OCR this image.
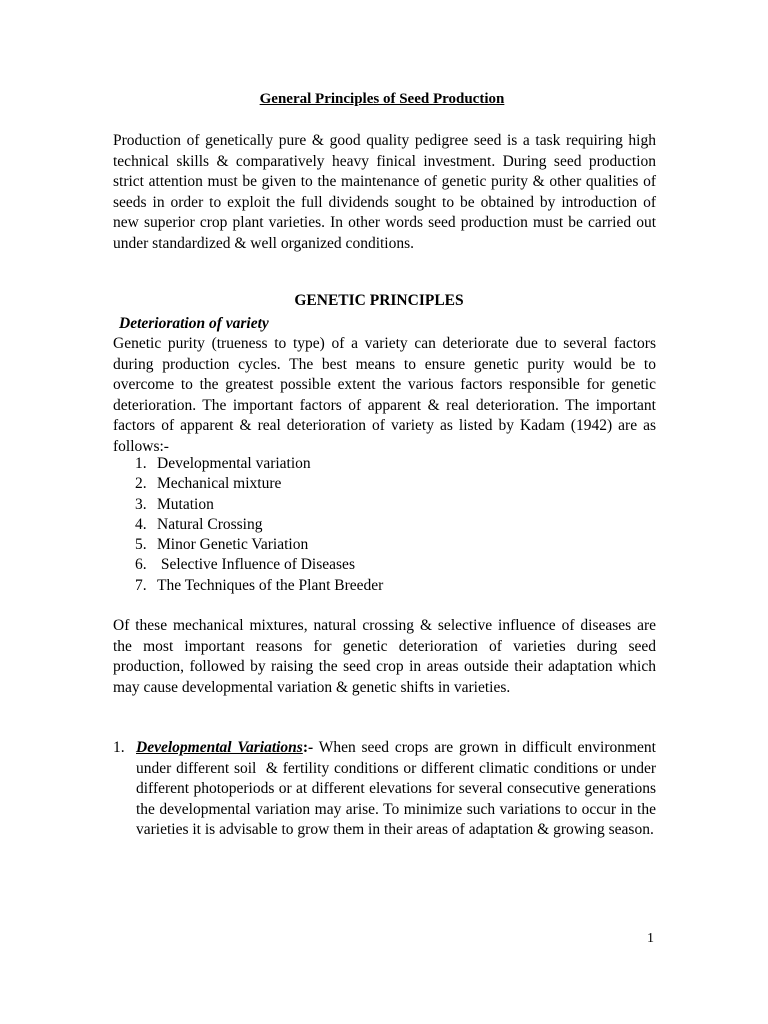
General Principles of Seed Production
Production of genetically pure & good quality pedigree seed is a task requiring high technical skills & comparatively heavy finical investment. During seed production strict attention must be given to the maintenance of genetic purity & other qualities of seeds in order to exploit the full dividends sought to be obtained by introduction of new superior crop plant varieties. In other words seed production must be carried out under standardized & well organized conditions.
GENETIC PRINCIPLES
Deterioration of variety
Genetic purity (trueness to type) of a variety can deteriorate due to several factors during production cycles. The best means to ensure genetic purity would be to overcome to the greatest possible extent the various factors responsible for genetic deterioration. The important factors of apparent & real deterioration. The important factors of apparent & real deterioration of variety as listed by Kadam (1942) are as follows:-
1. Developmental variation
2. Mechanical mixture
3. Mutation
4. Natural Crossing
5. Minor Genetic Variation
6. Selective Influence of Diseases
7. The Techniques of the Plant Breeder
Of these mechanical mixtures, natural crossing & selective influence of diseases are the most important reasons for genetic deterioration of varieties during seed production, followed by raising the seed crop in areas outside their adaptation which may cause developmental variation & genetic shifts in varieties.
1. Developmental Variations:- When seed crops are grown in difficult environment under different soil  & fertility conditions or different climatic conditions or under different photoperiods or at different elevations for several consecutive generations the developmental variation may arise. To minimize such variations to occur in the varieties it is advisable to grow them in their areas of adaptation & growing season.
1
